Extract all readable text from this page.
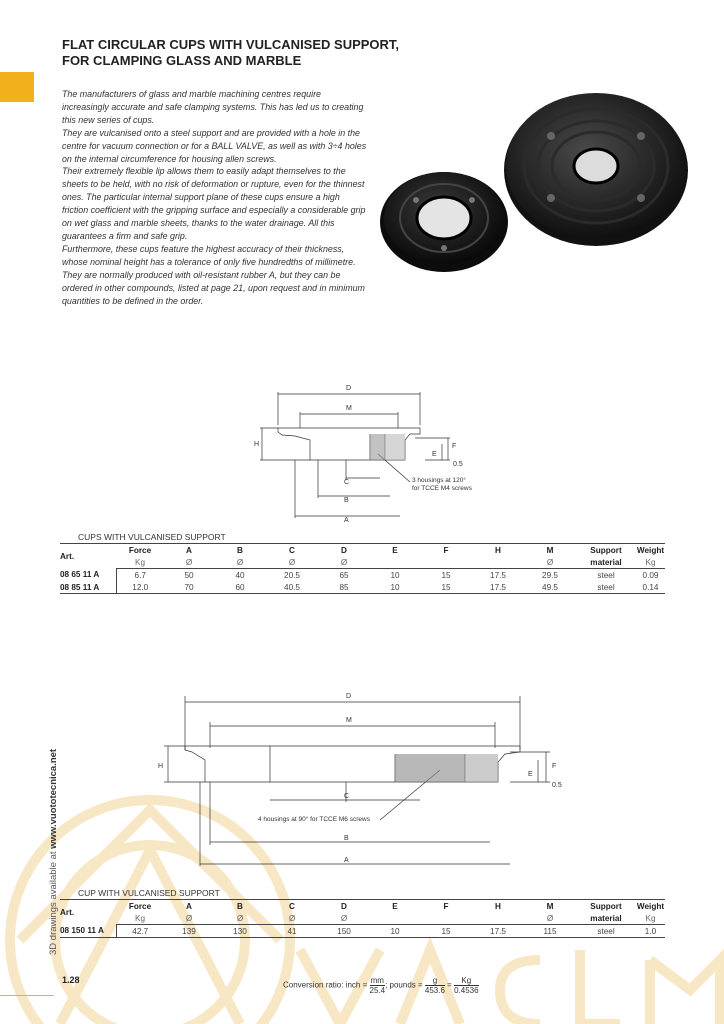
FLAT CIRCULAR CUPS WITH VULCANISED SUPPORT,
FOR CLAMPING GLASS AND MARBLE

The manufacturers of glass and marble machining centres require increasingly accurate and safe clamping systems. This has led us to creating this new series of cups.

They are vulcanised onto a steel support and are provided with a hole in the centre for vacuum connection or for a BALL VALVE, as well as with 3÷4 holes on the internal circumference for housing allen screws.

Their extremely flexible lip allows them to easily adapt themselves to the sheets to be held, with no risk of deformation or rupture, even for the thinnest ones. The particular internal support plane of these cups ensure a high friction coefficient with the gripping surface and especially a considerable grip on wet glass and marble sheets, thanks to the water drainage. All this guarantees a firm and safe grip.

Furthermore, these cups feature the highest accuracy of their thickness, whose nominal height has a tolerance of only five hundredths of millimetre.

They are normally produced with oil-resistant rubber A, but they can be ordered in other compounds, listed at page 21, upon request and in minimum quantities to be defined in the order.

D
M
H	F
E
0.5
C
B
A
3 housings at 120°
for TCCE M4 screws
CUPS WITH VULCANISED SUPPORT
Art.	Force	A	B	C	D	E	F	H	M	Support	Weight
	Kg	Ø	Ø	Ø	Ø				Ø	material	Kg
08 65 11 A	6.7	50	40	20.5	65	10	15	17.5	29.5	steel	0.09
08 85 11 A	12.0	70	60	40.5	85	10	15	17.5	49.5	steel	0.14
D
M
H	F
E
0.5
C
B
A
4 housings at 90° for TCCE M6 screws
CUP WITH VULCANISED SUPPORT
Art.	Force	A	B	C	D	E	F	H	M	Support	Weight
	Kg	Ø	Ø	Ø	Ø				Ø	material	Kg
08 150 11 A	42.7	139	130	41	150	10	15	17.5	115	steel	1.0
3D drawings available at www.vuototecnica.net
1.28
Conversion ratio: inch = $\frac{mm}{25.4}$ ; pounds = $\frac{g}{453.6} = \frac{Kg}{0.4536}$
